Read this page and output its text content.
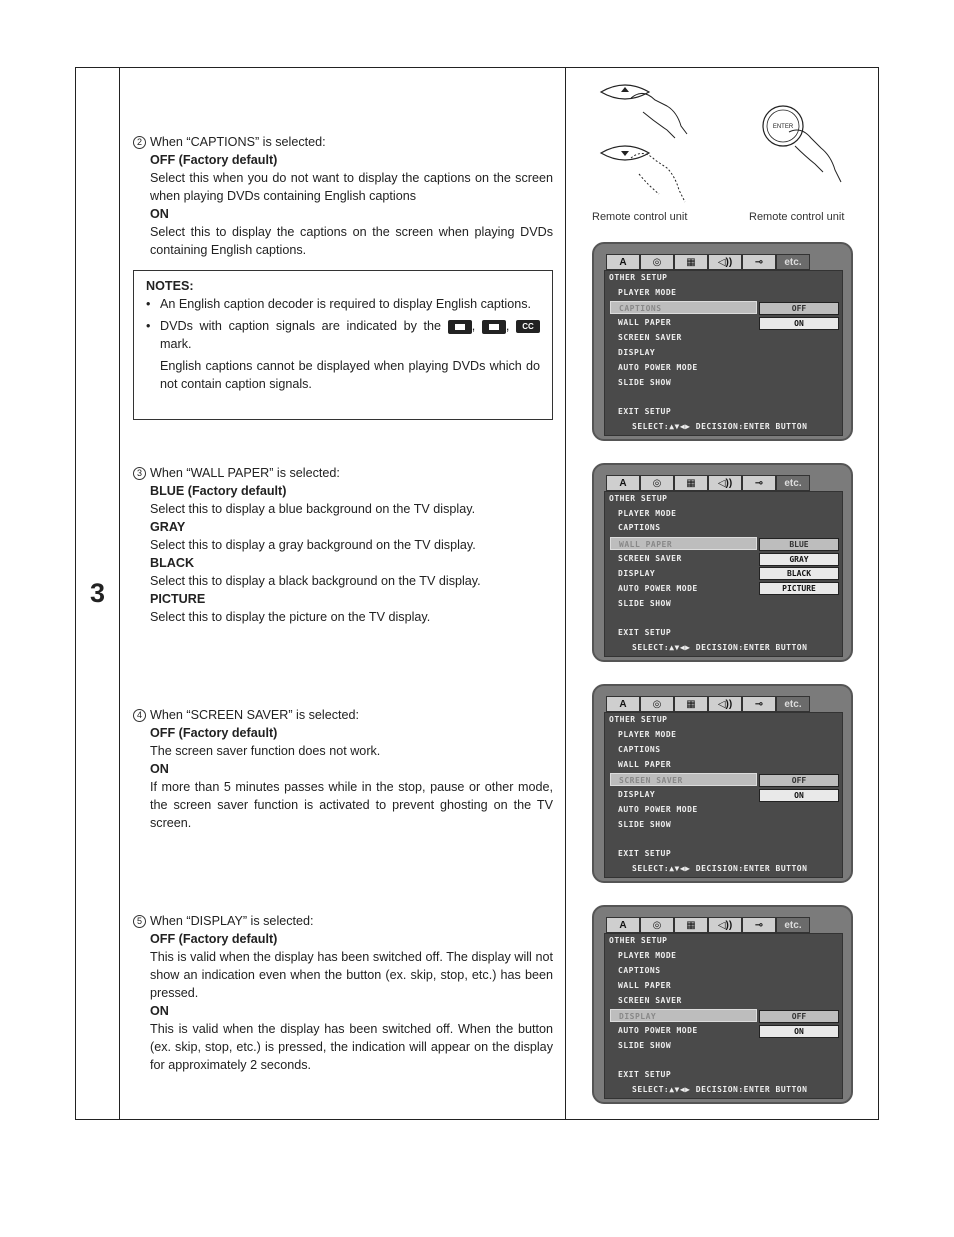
3
2 When “CAPTIONS” is selected:
OFF (Factory default)
Select this when you do not want to display the captions on the screen when playing DVDs containing English captions
ON
Select this to display the captions on the screen when playing DVDs containing English captions.
NOTES:
• An English caption decoder is required to display English captions.
• DVDs with caption signals are indicated by the , , CC mark.
English captions cannot be displayed when playing DVDs which do not contain caption signals.
3 When “WALL PAPER” is selected:
BLUE (Factory default)
Select this to display a blue background on the TV display.
GRAY
Select this to display a gray background on the TV display.
BLACK
Select this to display a black background on the TV display.
PICTURE
Select this to display the picture on the TV display.
4 When “SCREEN SAVER” is selected:
OFF (Factory default)
The screen saver function does not work.
ON
If more than 5 minutes passes while in the stop, pause or other mode, the screen saver function is activated to prevent ghosting on the TV screen.
5 When “DISPLAY” is selected:
OFF (Factory default)
This is valid when the display has been switched off. The display will not show an indication even when the button (ex. skip, stop, etc.) has been pressed.
ON
This is valid when the display has been switched off. When the button (ex. skip, stop, etc.) is pressed, the indication will appear on the display for approximately 2 seconds.
ENTER
Remote control unit	Remote control unit
A	◎	▦	◁))	⊸	etc.
OTHER SETUP
PLAYER MODE
CAPTIONS
WALL PAPER
SCREEN SAVER
DISPLAY
AUTO POWER MODE
SLIDE SHOW
EXIT SETUP
OFF
ON
SELECT:▲▼◀▶ DECISION:ENTER BUTTON
A	◎	▦	◁))	⊸	etc.
OTHER SETUP
PLAYER MODE
CAPTIONS
WALL PAPER
SCREEN SAVER
DISPLAY
AUTO POWER MODE
SLIDE SHOW
EXIT SETUP
BLUE
GRAY
BLACK
PICTURE
SELECT:▲▼◀▶ DECISION:ENTER BUTTON
A	◎	▦	◁))	⊸	etc.
OTHER SETUP
PLAYER MODE
CAPTIONS
WALL PAPER
SCREEN SAVER
DISPLAY
AUTO POWER MODE
SLIDE SHOW
EXIT SETUP
OFF
ON
SELECT:▲▼◀▶ DECISION:ENTER BUTTON
A	◎	▦	◁))	⊸	etc.
OTHER SETUP
PLAYER MODE
CAPTIONS
WALL PAPER
SCREEN SAVER
DISPLAY
AUTO POWER MODE
SLIDE SHOW
EXIT SETUP
OFF
ON
SELECT:▲▼◀▶ DECISION:ENTER BUTTON
